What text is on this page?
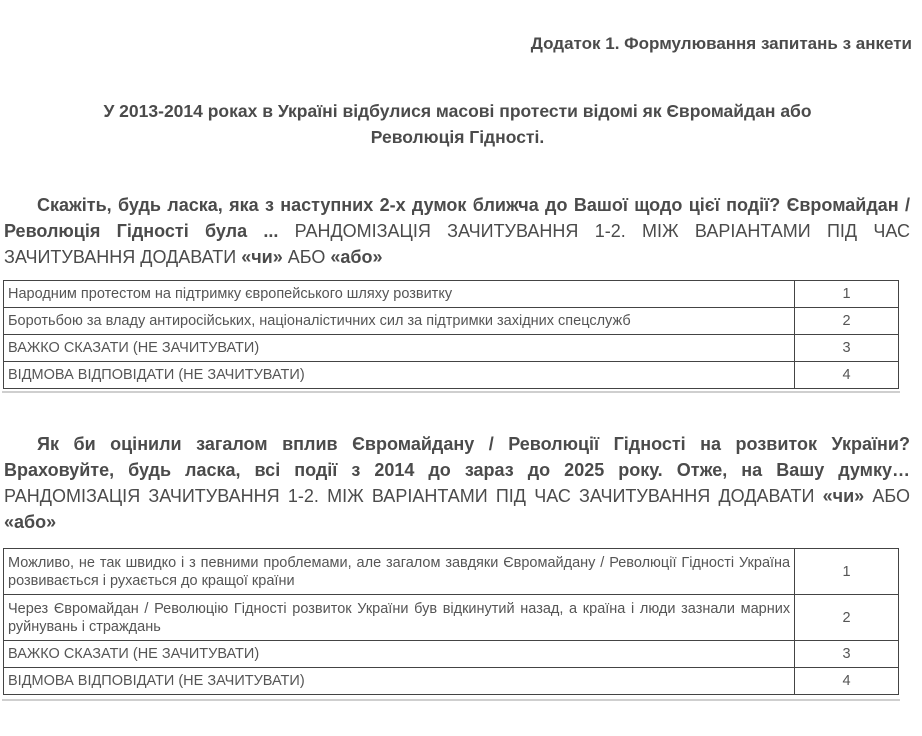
Додаток 1. Формулювання запитань з анкети

У 2013-2014 роках в Україні відбулися масові протести відомі як Євромайдан або Революція Гідності.

Скажіть, будь ласка, яка з наступних 2-х думок ближча до Вашої щодо цієї події? Євромайдан / Революція Гідності була ... РАНДОМІЗАЦІЯ ЗАЧИТУВАННЯ 1-2. МІЖ ВАРІАНТАМИ ПІД ЧАС ЗАЧИТУВАННЯ ДОДАВАТИ «чи» АБО «або»

Народним протестом на підтримку європейського шляху розвитку	1
Боротьбою за владу антиросійських, націоналістичних сил за підтримки західних спецслужб	2
ВАЖКО СКАЗАТИ (НЕ ЗАЧИТУВАТИ)	3
ВІДМОВА ВІДПОВІДАТИ (НЕ ЗАЧИТУВАТИ)	4

Як би оцінили загалом вплив Євромайдану / Революції Гідності на розвиток України? Враховуйте, будь ласка, всі події з 2014 до зараз до 2025 року. Отже, на Вашу думку… РАНДОМІЗАЦІЯ ЗАЧИТУВАННЯ 1-2. МІЖ ВАРІАНТАМИ ПІД ЧАС ЗАЧИТУВАННЯ ДОДАВАТИ «чи» АБО «або»

Можливо, не так швидко і з певними проблемами, але загалом завдяки Євромайдану / Революції Гідності Україна розвивається і рухається до кращої країни	1
Через Євромайдан / Революцію Гідності розвиток України був відкинутий назад, а країна і люди зазнали марних руйнувань і страждань	2
ВАЖКО СКАЗАТИ (НЕ ЗАЧИТУВАТИ)	3
ВІДМОВА ВІДПОВІДАТИ (НЕ ЗАЧИТУВАТИ)	4
